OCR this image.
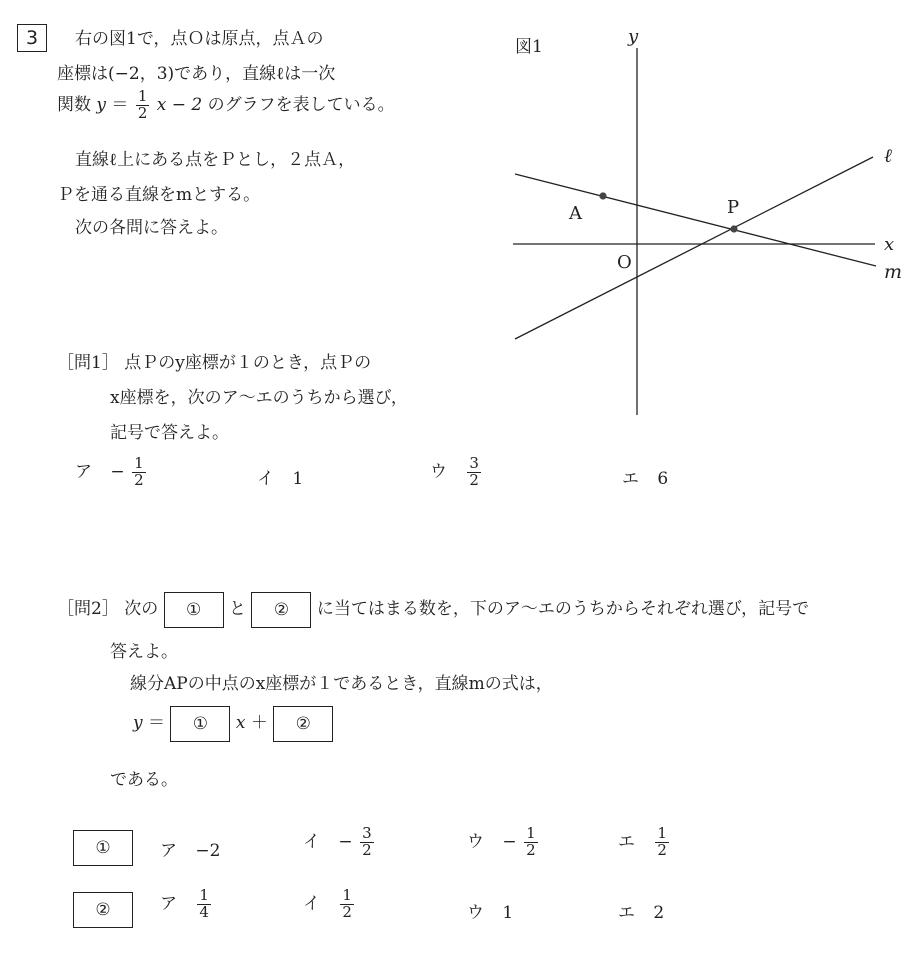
3	右の図1で，点Ｏは原点，点Ａの
座標は(−2，3)であり，直線ℓは一次
関数 $y = \frac{1}{2}$ x − 2 のグラフを表している。
直線ℓ上にある点をＰとし，２点Ａ，
Ｐを通る直線をmとする。
次の各問に答えよ。
図1	y
x
O
ℓ
m
A	P
［問1］ 点Ｐのy座標が１のとき，点Ｐの
x座標を，次のア〜エのうちから選び，
記号で答えよ。
ア − $\frac{1}{2}$	イ 1	ウ $\frac{3}{2}$	エ 6
［問2］ 次の ① と ② に当てはまる数を，下のア〜エのうちからそれぞれ選び，記号で
答えよ。
線分APの中点のx座標が１であるとき，直線mの式は，
y ＝ ① x ＋ ②
である。
①	ア −2	イ − $\frac{3}{2}$	ウ − $\frac{1}{2}$	エ $\frac{1}{2}$
②	ア $\frac{1}{4}$	イ $\frac{1}{2}$	ウ 1	エ 2
